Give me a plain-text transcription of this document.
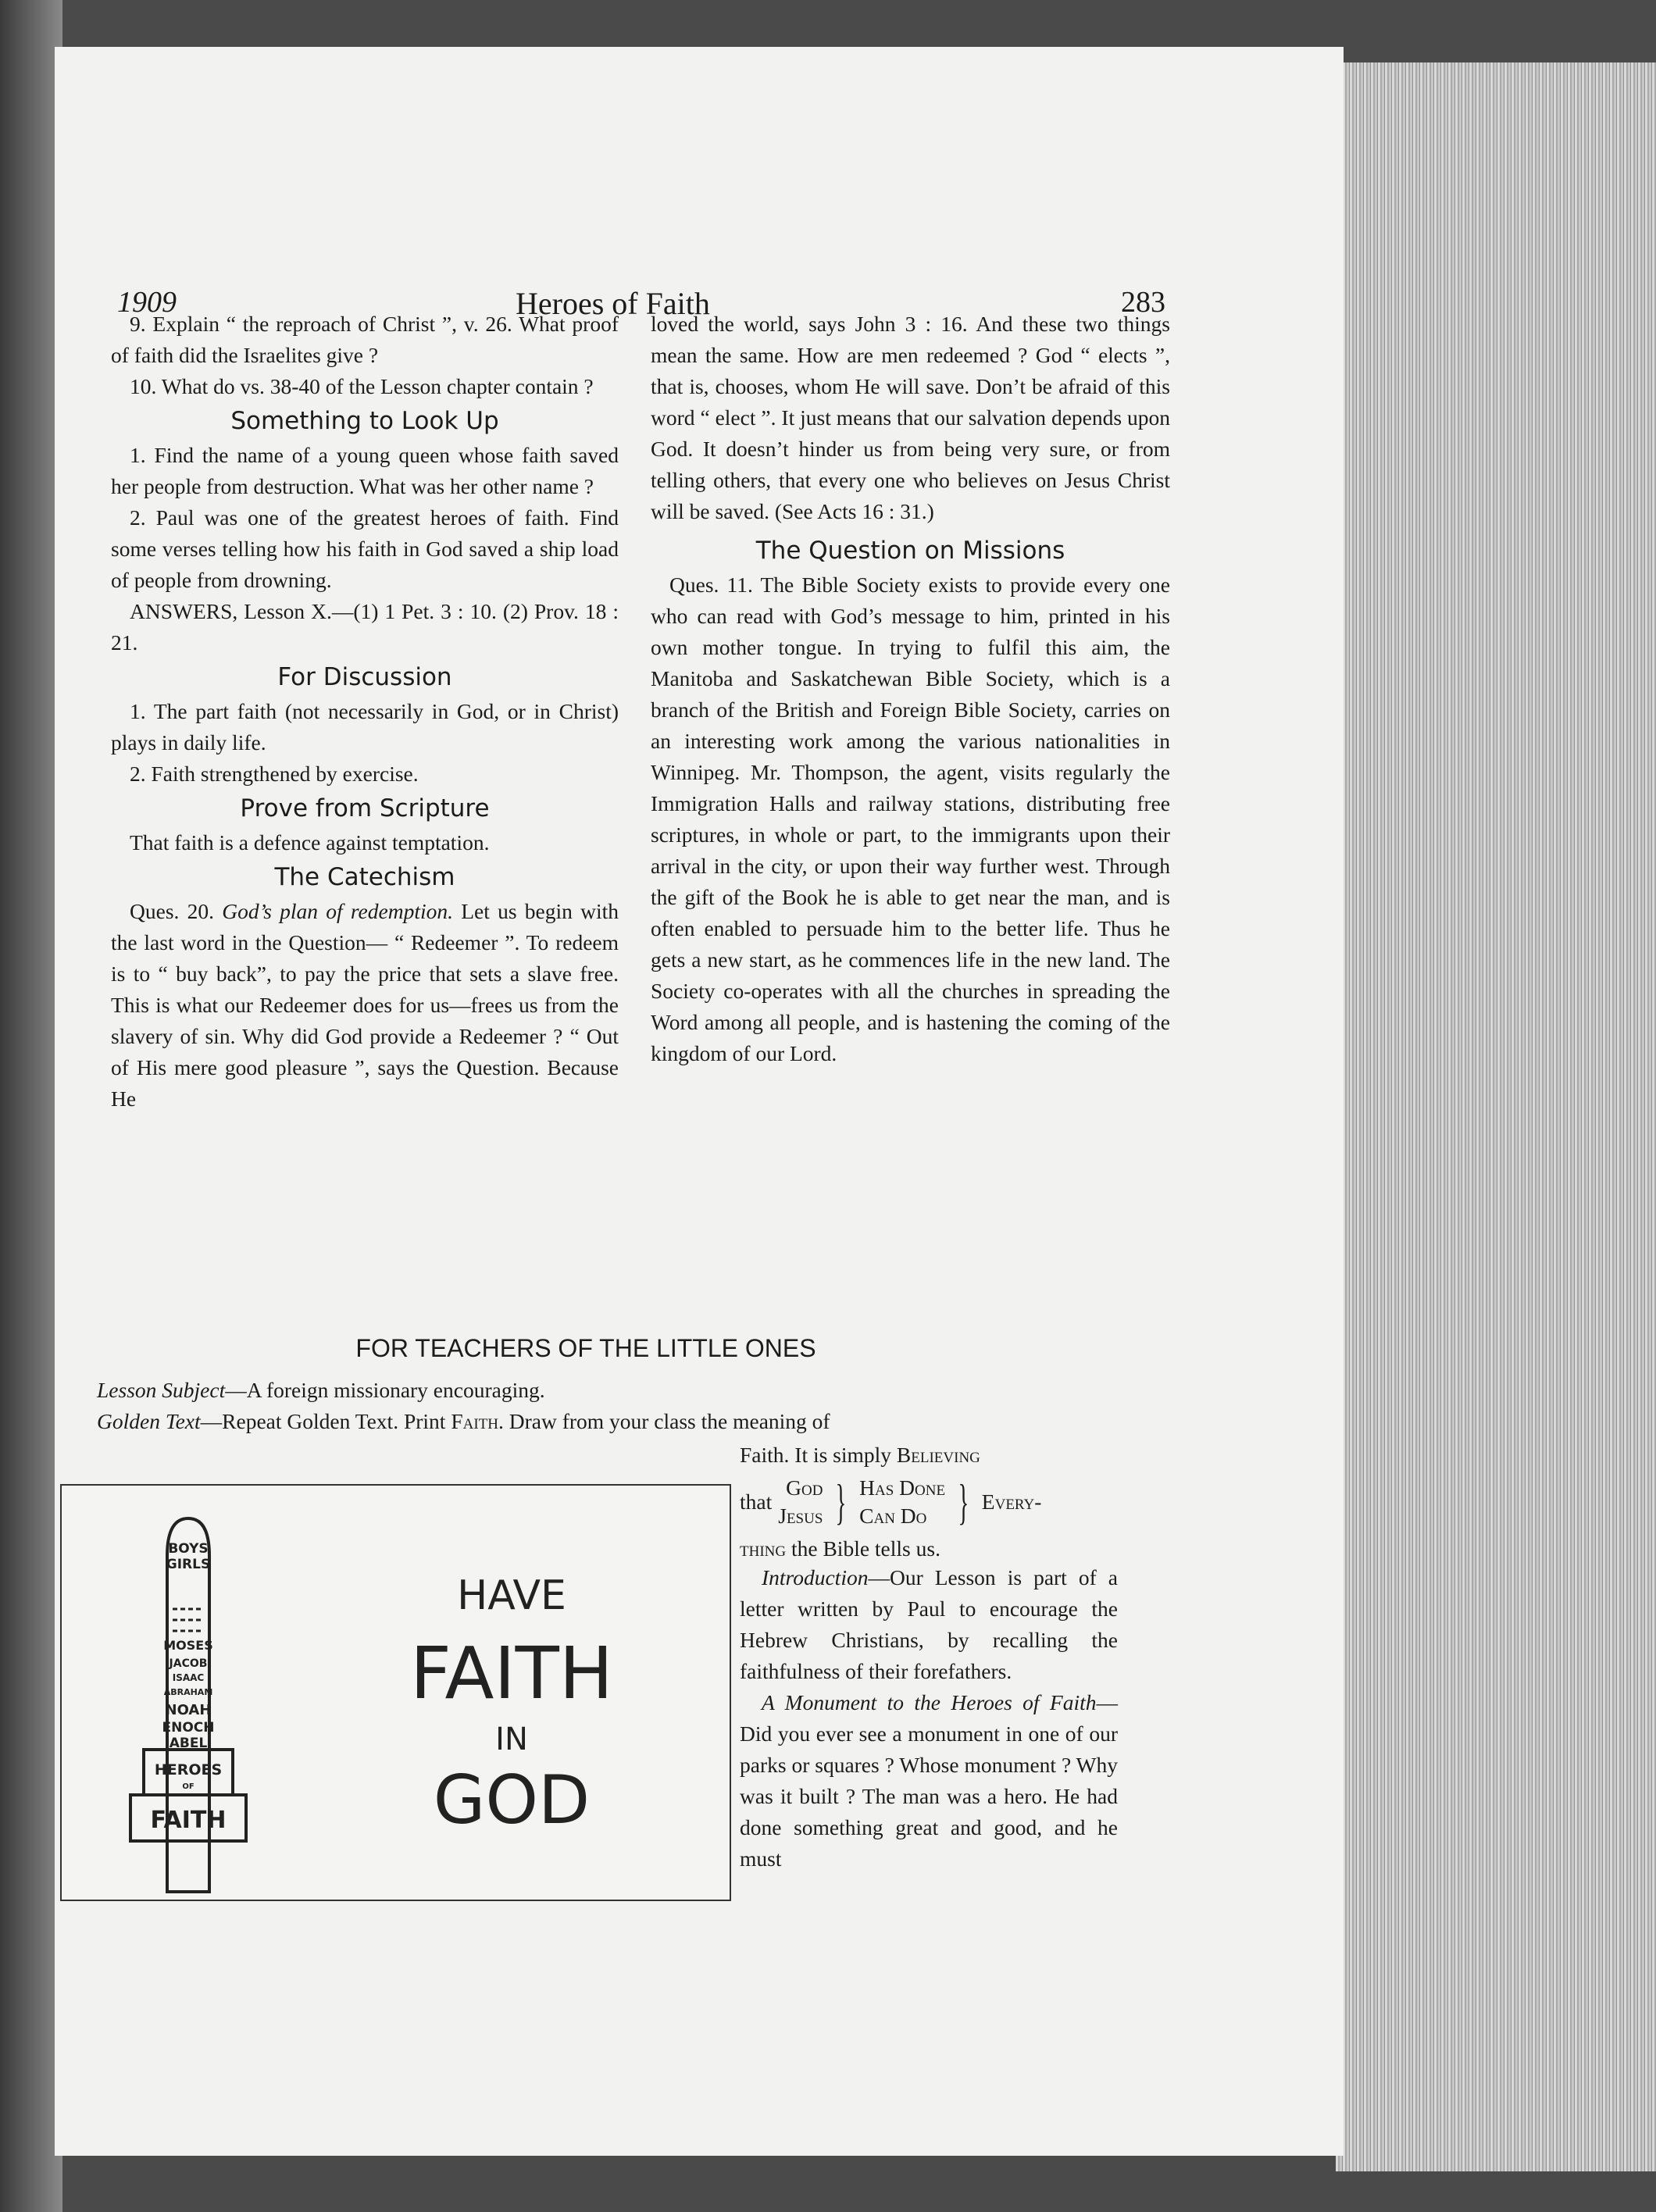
1909	Heroes of Faith	283

9. Explain “ the reproach of Christ ”, v. 26. What proof of faith did the Israelites give ?

10. What do vs. 38-40 of the Lesson chapter contain ?

Something to Look Up

1. Find the name of a young queen whose faith saved her people from destruction. What was her other name ?

2. Paul was one of the greatest heroes of faith. Find some verses telling how his faith in God saved a ship load of people from drowning.

ANSWERS, Lesson X.—(1) 1 Pet. 3 : 10. (2) Prov. 18 : 21.

For Discussion

1. The part faith (not necessarily in God, or in Christ) plays in daily life.

2. Faith strengthened by exercise.

Prove from Scripture

That faith is a defence against temptation.

The Catechism

Ques. 20. God’s plan of redemption. Let us begin with the last word in the Question— “ Redeemer ”. To redeem is to “ buy back”, to pay the price that sets a slave free. This is what our Redeemer does for us—frees us from the slavery of sin. Why did God provide a Redeemer ? “ Out of His mere good pleasure ”, says the Question. Because He

loved the world, says John 3 : 16. And these two things mean the same. How are men redeemed ? God “ elects ”, that is, chooses, whom He will save. Don’t be afraid of this word “ elect ”. It just means that our salvation depends upon God. It doesn’t hinder us from being very sure, or from telling others, that every one who believes on Jesus Christ will be saved. (See Acts 16 : 31.)

The Question on Missions

Ques. 11. The Bible Society exists to provide every one who can read with God’s message to him, printed in his own mother tongue. In trying to fulfil this aim, the Manitoba and Saskatchewan Bible Society, which is a branch of the British and Foreign Bible Society, carries on an interesting work among the various nationalities in Winnipeg. Mr. Thompson, the agent, visits regularly the Immigration Halls and railway stations, distributing free scriptures, in whole or part, to the immigrants upon their arrival in the city, or upon their way further west. Through the gift of the Book he is able to get near the man, and is often enabled to persuade him to the better life. Thus he gets a new start, as he commences life in the new land. The Society co-operates with all the churches in spreading the Word among all people, and is hastening the coming of the kingdom of our Lord.

FOR TEACHERS OF THE LITTLE ONES
Lesson Subject—A foreign missionary encouraging.
Golden Text—Repeat Golden Text. Print Faith. Draw from your class the meaning of
Faith. It is simply Believing
that
God
Jesus } Has Done
Can Do } Every-
thing the Bible tells us.
BOYS
GIRLS
MOSES
JACOB
ISAAC
ABRAHAM
NOAH
ENOCH
ABEL
HEROES
OF
FAITH
HAVE
FAITH
IN
GOD

Introduction—Our Lesson is part of a letter written by Paul to encourage the Hebrew Christians, by recalling the faithfulness of their forefathers.

A Monument to the Heroes of Faith—Did you ever see a monument in one of our parks or squares ? Whose monument ? Why was it built ? The man was a hero. He had done something great and good, and he must
